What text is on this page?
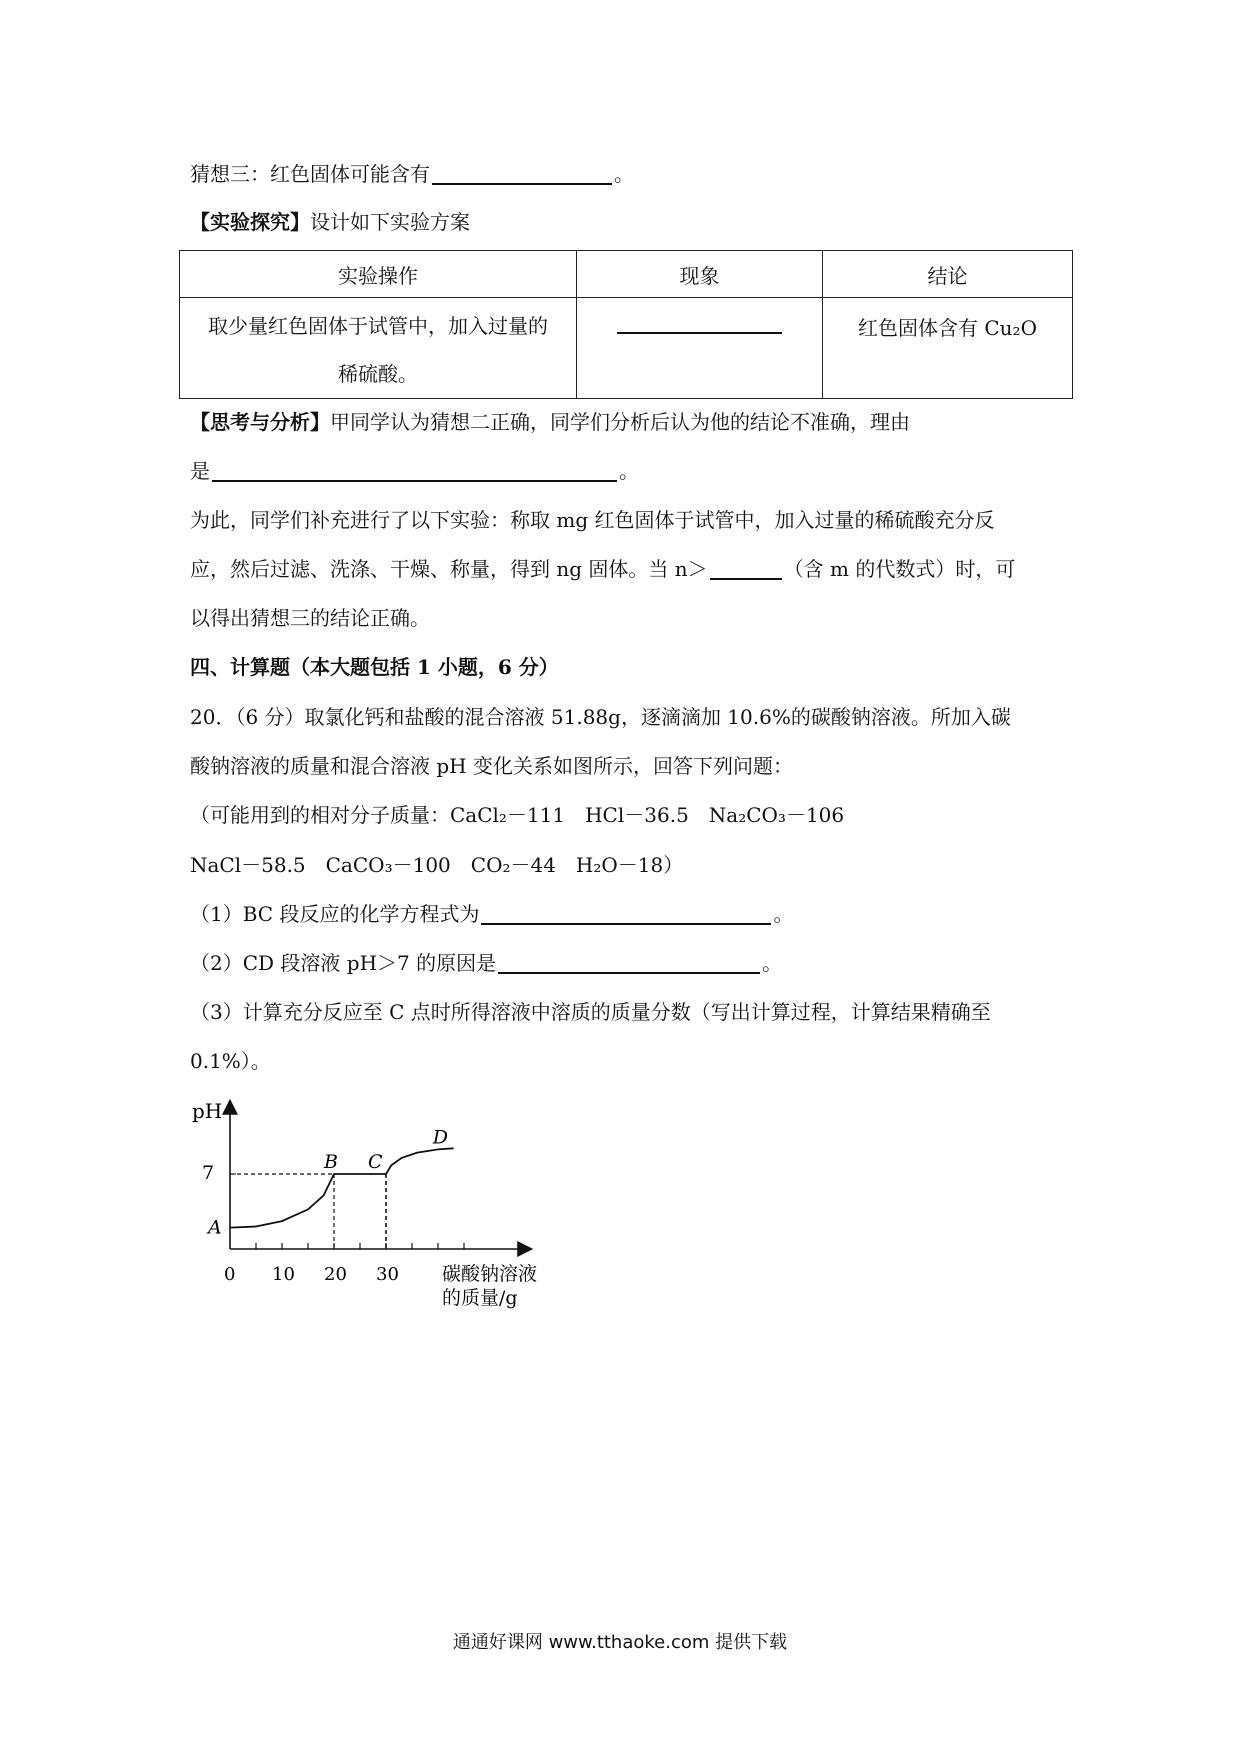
猜想三：红色固体可能含有	。
【实验探究】设计如下实验方案
实验操作	现象	结论

取少量红色固体于试管中，加入过量的
稀硫酸。		红色固体含有 Cu₂O
【思考与分析】甲同学认为猜想二正确，同学们分析后认为他的结论不准确，理由
是	。
为此，同学们补充进行了以下实验：称取 mg 红色固体于试管中，加入过量的稀硫酸充分反
应，然后过滤、洗涤、干燥、称量，得到 ng 固体。当 n＞	（含 m 的代数式）时，可
以得出猜想三的结论正确。
四、计算题（本大题包括 1 小题，6 分）
20．（6 分）取氯化钙和盐酸的混合溶液 51.88g，逐滴滴加 10.6%的碳酸钠溶液。所加入碳
酸钠溶液的质量和混合溶液 pH 变化关系如图所示，回答下列问题：
（可能用到的相对分子质量：CaCl₂－111　HCl－36.5　Na₂CO₃－106
NaCl－58.5　CaCO₃－100　CO₂－44　H₂O－18）
（1）BC 段反应的化学方程式为	。
（2）CD 段溶液 pH＞7 的原因是	。
（3）计算充分反应至 C 点时所得溶液中溶质的质量分数（写出计算过程，计算结果精确至
0.1%）。
pH
7
0 10 20 30 碳酸钠溶液
的质量/g
A
B C
D
通通好课网 www.tthaoke.com 提供下载
